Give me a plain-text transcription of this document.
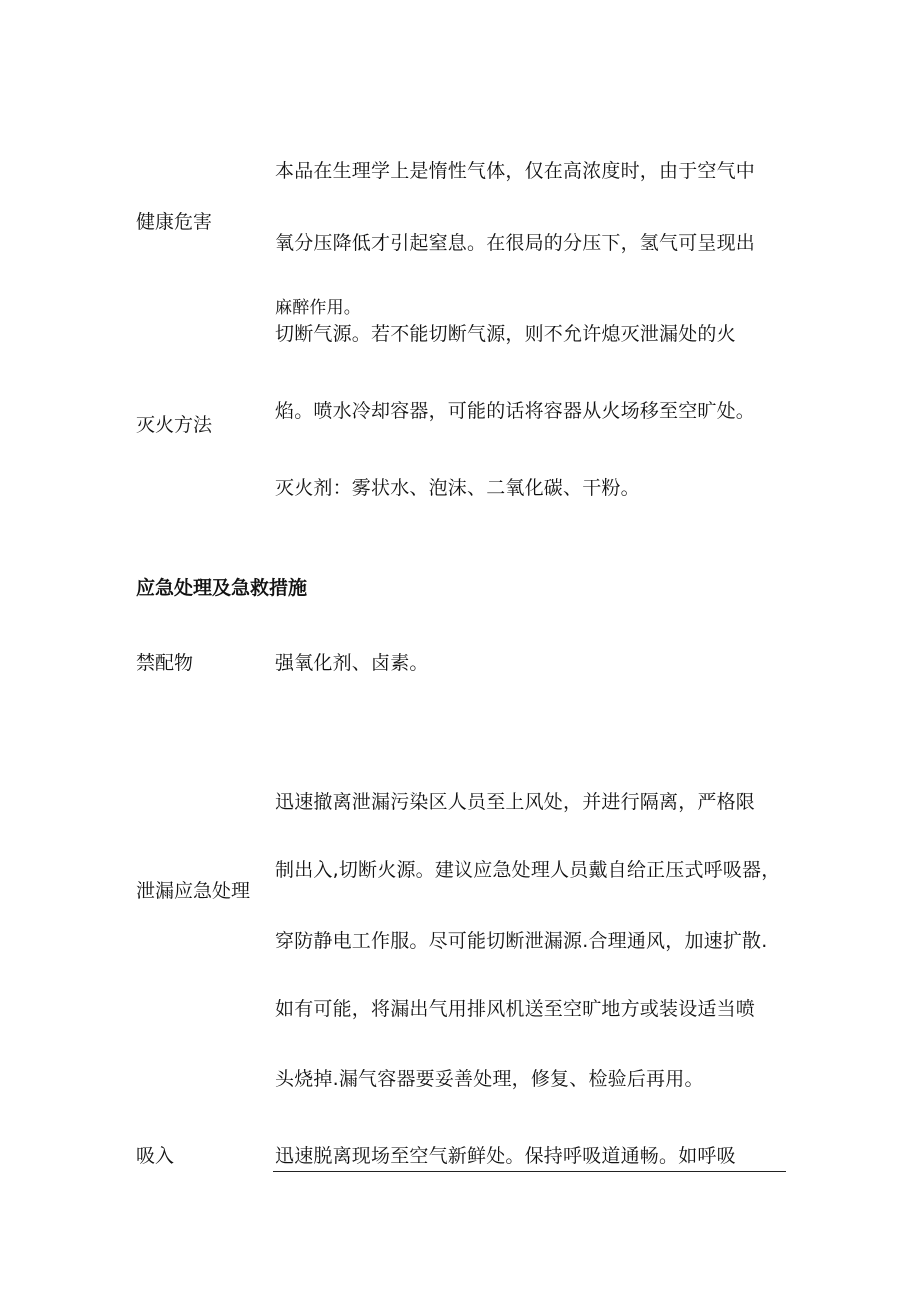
本品在生理学上是惰性气体，仅在高浓度时，由于空气中
健康危害
氧分压降低才引起窒息。在很局的分压下，氢气可呈现出
麻醉作用。
切断气源。若不能切断气源，则不允许熄灭泄漏处的火
焰。喷水冷却容器，可能的话将容器从火场移至空旷处。
灭火方法
灭火剂：雾状水、泡沫、二氧化碳、干粉。
应急处理及急救措施
禁配物	强氧化剂、卤素。
迅速撤离泄漏污染区人员至上风处，并进行隔离，严格限
制出入,切断火源。建议应急处理人员戴自给正压式呼吸器，
泄漏应急处理
穿防静电工作服。尽可能切断泄漏源.合理通风，加速扩散.
如有可能，将漏出气用排风机送至空旷地方或装设适当喷
头烧掉.漏气容器要妥善处理，修复、检验后再用。
吸入	迅速脱离现场至空气新鲜处。保持呼吸道通畅。如呼吸
